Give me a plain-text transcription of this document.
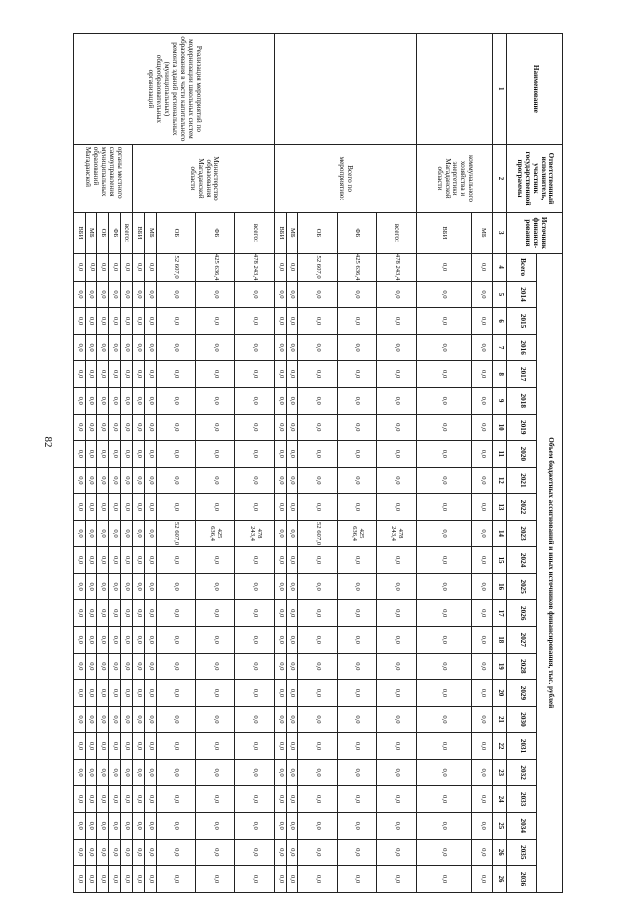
82
Наименование	Ответственный исполнитель, участник государственной программы	Источник финанси-рования	Объем бюджетных ассигнований и иных источников финансирования, тыс. рублей																							
			Всего	2014	2015	2016	2017	2018	2019	2020	2021	2022	2023	2024	2025	2026	2027	2028	2029	2030	2031	2032	2033	2034	2035	2036
1	2	3	4	5	6	7	8	9	10	11	12	13	14	15	16	17	18	19	20	21	22	23	24	25	26	26
	коммунального хозяйства и энергетики Магаданской области	МБ	0,0	0,0	0,0	0,0	0,0	0,0	0,0	0,0	0,0	0,0	0,0	0,0	0,0	0,0	0,0	0,0	0,0	0,0	0,0	0,0	0,0	0,0	0,0	0,0
		ВБИ	0,0	0,0	0,0	0,0	0,0	0,0	0,0	0,0	0,0	0,0	0,0	0,0	0,0	0,0	0,0	0,0	0,0	0,0	0,0	0,0	0,0	0,0	0,0	0,0
	Всего по мероприятию:	всего:	478 243,4	0,0	0,0	0,0	0,0	0,0	0,0	0,0	0,0	0,0	478 243,4	0,0	0,0	0,0	0,0	0,0	0,0	0,0	0,0	0,0	0,0	0,0	0,0	0,0
		ФБ	425 636,4	0,0	0,0	0,0	0,0	0,0	0,0	0,0	0,0	0,0	425 636,4	0,0	0,0	0,0	0,0	0,0	0,0	0,0	0,0	0,0	0,0	0,0	0,0	0,0
		ОБ	52 607,0	0,0	0,0	0,0	0,0	0,0	0,0	0,0	0,0	0,0	52 607,0	0,0	0,0	0,0	0,0	0,0	0,0	0,0	0,0	0,0	0,0	0,0	0,0	0,0
		МБ	0,0	0,0	0,0	0,0	0,0	0,0	0,0	0,0	0,0	0,0	0,0	0,0	0,0	0,0	0,0	0,0	0,0	0,0	0,0	0,0	0,0	0,0	0,0	0,0
		ВБИ	0,0	0,0	0,0	0,0	0,0	0,0	0,0	0,0	0,0	0,0	0,0	0,0	0,0	0,0	0,0	0,0	0,0	0,0	0,0	0,0	0,0	0,0	0,0	0,0
Реализация мероприятий по модернизации школьных систем образования в части капитального ремонта зданий региональных (муниципальных) общеобразовательных организаций	Министерство образования Магаданской области	всего:	478 243,4	0,0	0,0	0,0	0,0	0,0	0,0	0,0	0,0	0,0	478 243,4	0,0	0,0	0,0	0,0	0,0	0,0	0,0	0,0	0,0	0,0	0,0	0,0	0,0
		ФБ	425 636,4	0,0	0,0	0,0	0,0	0,0	0,0	0,0	0,0	0,0	425 636,4	0,0	0,0	0,0	0,0	0,0	0,0	0,0	0,0	0,0	0,0	0,0	0,0	0,0
		ОБ	52 607,0	0,0	0,0	0,0	0,0	0,0	0,0	0,0	0,0	0,0	52 607,0	0,0	0,0	0,0	0,0	0,0	0,0	0,0	0,0	0,0	0,0	0,0	0,0	0,0
		МБ	0,0	0,0	0,0	0,0	0,0	0,0	0,0	0,0	0,0	0,0	0,0	0,0	0,0	0,0	0,0	0,0	0,0	0,0	0,0	0,0	0,0	0,0	0,0	0,0
		ВБИ	0,0	0,0	0,0	0,0	0,0	0,0	0,0	0,0	0,0	0,0	0,0	0,0	0,0	0,0	0,0	0,0	0,0	0,0	0,0	0,0	0,0	0,0	0,0	0,0
	органы местного самоуправления муниципальных образований Магаданской	всего:	0,0	0,0	0,0	0,0	0,0	0,0	0,0	0,0	0,0	0,0	0,0	0,0	0,0	0,0	0,0	0,0	0,0	0,0	0,0	0,0	0,0	0,0	0,0	0,0
		ФБ	0,0	0,0	0,0	0,0	0,0	0,0	0,0	0,0	0,0	0,0	0,0	0,0	0,0	0,0	0,0	0,0	0,0	0,0	0,0	0,0	0,0	0,0	0,0	0,0
		ОБ	0,0	0,0	0,0	0,0	0,0	0,0	0,0	0,0	0,0	0,0	0,0	0,0	0,0	0,0	0,0	0,0	0,0	0,0	0,0	0,0	0,0	0,0	0,0	0,0
		МБ	0,0	0,0	0,0	0,0	0,0	0,0	0,0	0,0	0,0	0,0	0,0	0,0	0,0	0,0	0,0	0,0	0,0	0,0	0,0	0,0	0,0	0,0	0,0	0,0
		ВБИ	0,0	0,0	0,0	0,0	0,0	0,0	0,0	0,0	0,0	0,0	0,0	0,0	0,0	0,0	0,0	0,0	0,0	0,0	0,0	0,0	0,0	0,0	0,0	0,0
